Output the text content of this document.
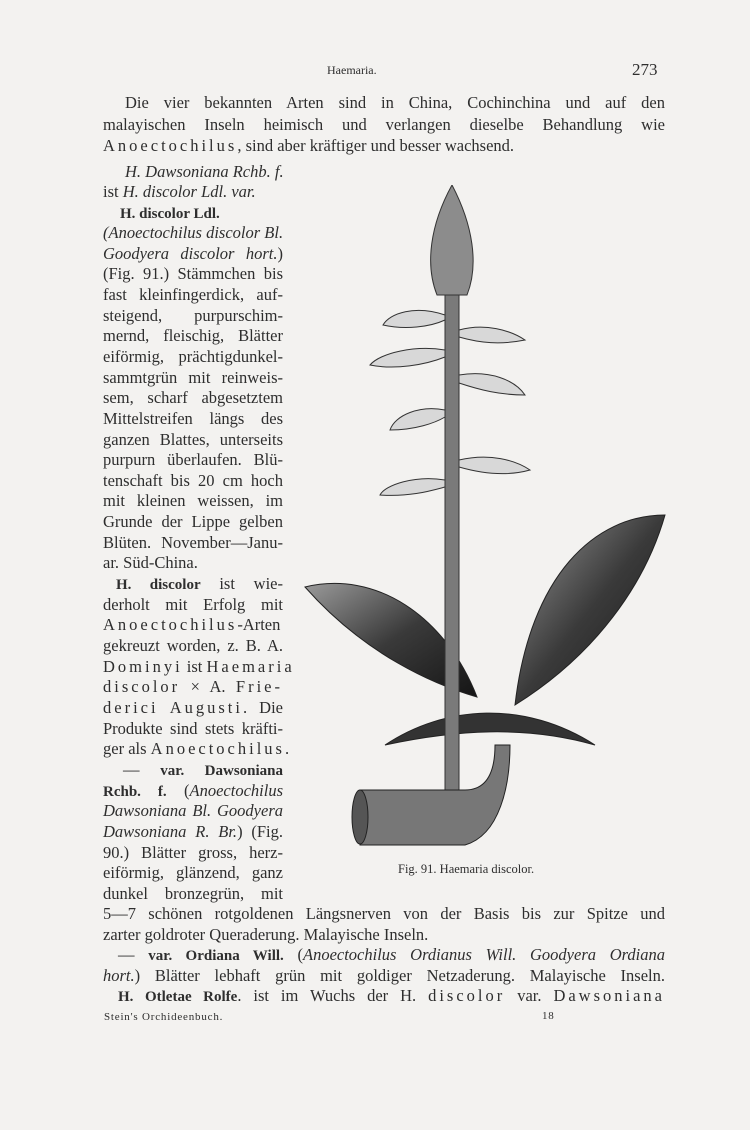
Haemaria.	273
Die vier bekannten Arten sind in China, Cochinchina und auf den
malayischen Inseln heimisch und verlangen dieselbe Behandlung wie
Anoectochilus, sind aber kräftiger und besser wachsend.
H. Dawsoniana Rchb. f.
ist H. discolor Ldl. var.
H. discolor Ldl.
(Anoectochilus discolor Bl.
Goodyera discolor hort.)
(Fig. 91.) Stämmchen bis
fast kleinfingerdick, auf-
steigend, purpurschim-
mernd, fleischig, Blätter
eiförmig, prächtigdunkel-
sammtgrün mit reinweis-
sem, scharf abgesetztem
Mittelstreifen längs des
ganzen Blattes, unterseits
purpurn überlaufen. Blü-
tenschaft bis 20 cm hoch
mit kleinen weissen, im
Grunde der Lippe gelben
Blüten. November—Janu-
ar. Süd-China.
H. discolor ist wie-
derholt mit Erfolg mit
Anoectochilus-Arten
gekreuzt worden, z. B. A.
Dominyi ist Haemaria
discolor × A. Frie-
derici Augusti. Die
Produkte sind stets kräfti-
ger als Anoectochilus.
— var. Dawsoniana
Rchb. f. (Anoectochilus
Dawsoniana Bl. Goodyera
Dawsoniana R. Br.) (Fig.
90.) Blätter gross, herz-
eiförmig, glänzend, ganz
dunkel bronzegrün, mit
5—7 schönen rotgoldenen Längsnerven von der Basis bis zur Spitze und
zarter goldroter Queraderung. Malayische Inseln.
— var. Ordiana Will. (Anoectochilus Ordianus Will. Goodyera Ordiana
hort.) Blätter lebhaft grün mit goldiger Netzaderung. Malayische Inseln.
H. Otletae Rolfe. ist im Wuchs der H. discolor var. Dawsoniana
Fig. 91. Haemaria discolor.
Stein's Orchideenbuch.	18
